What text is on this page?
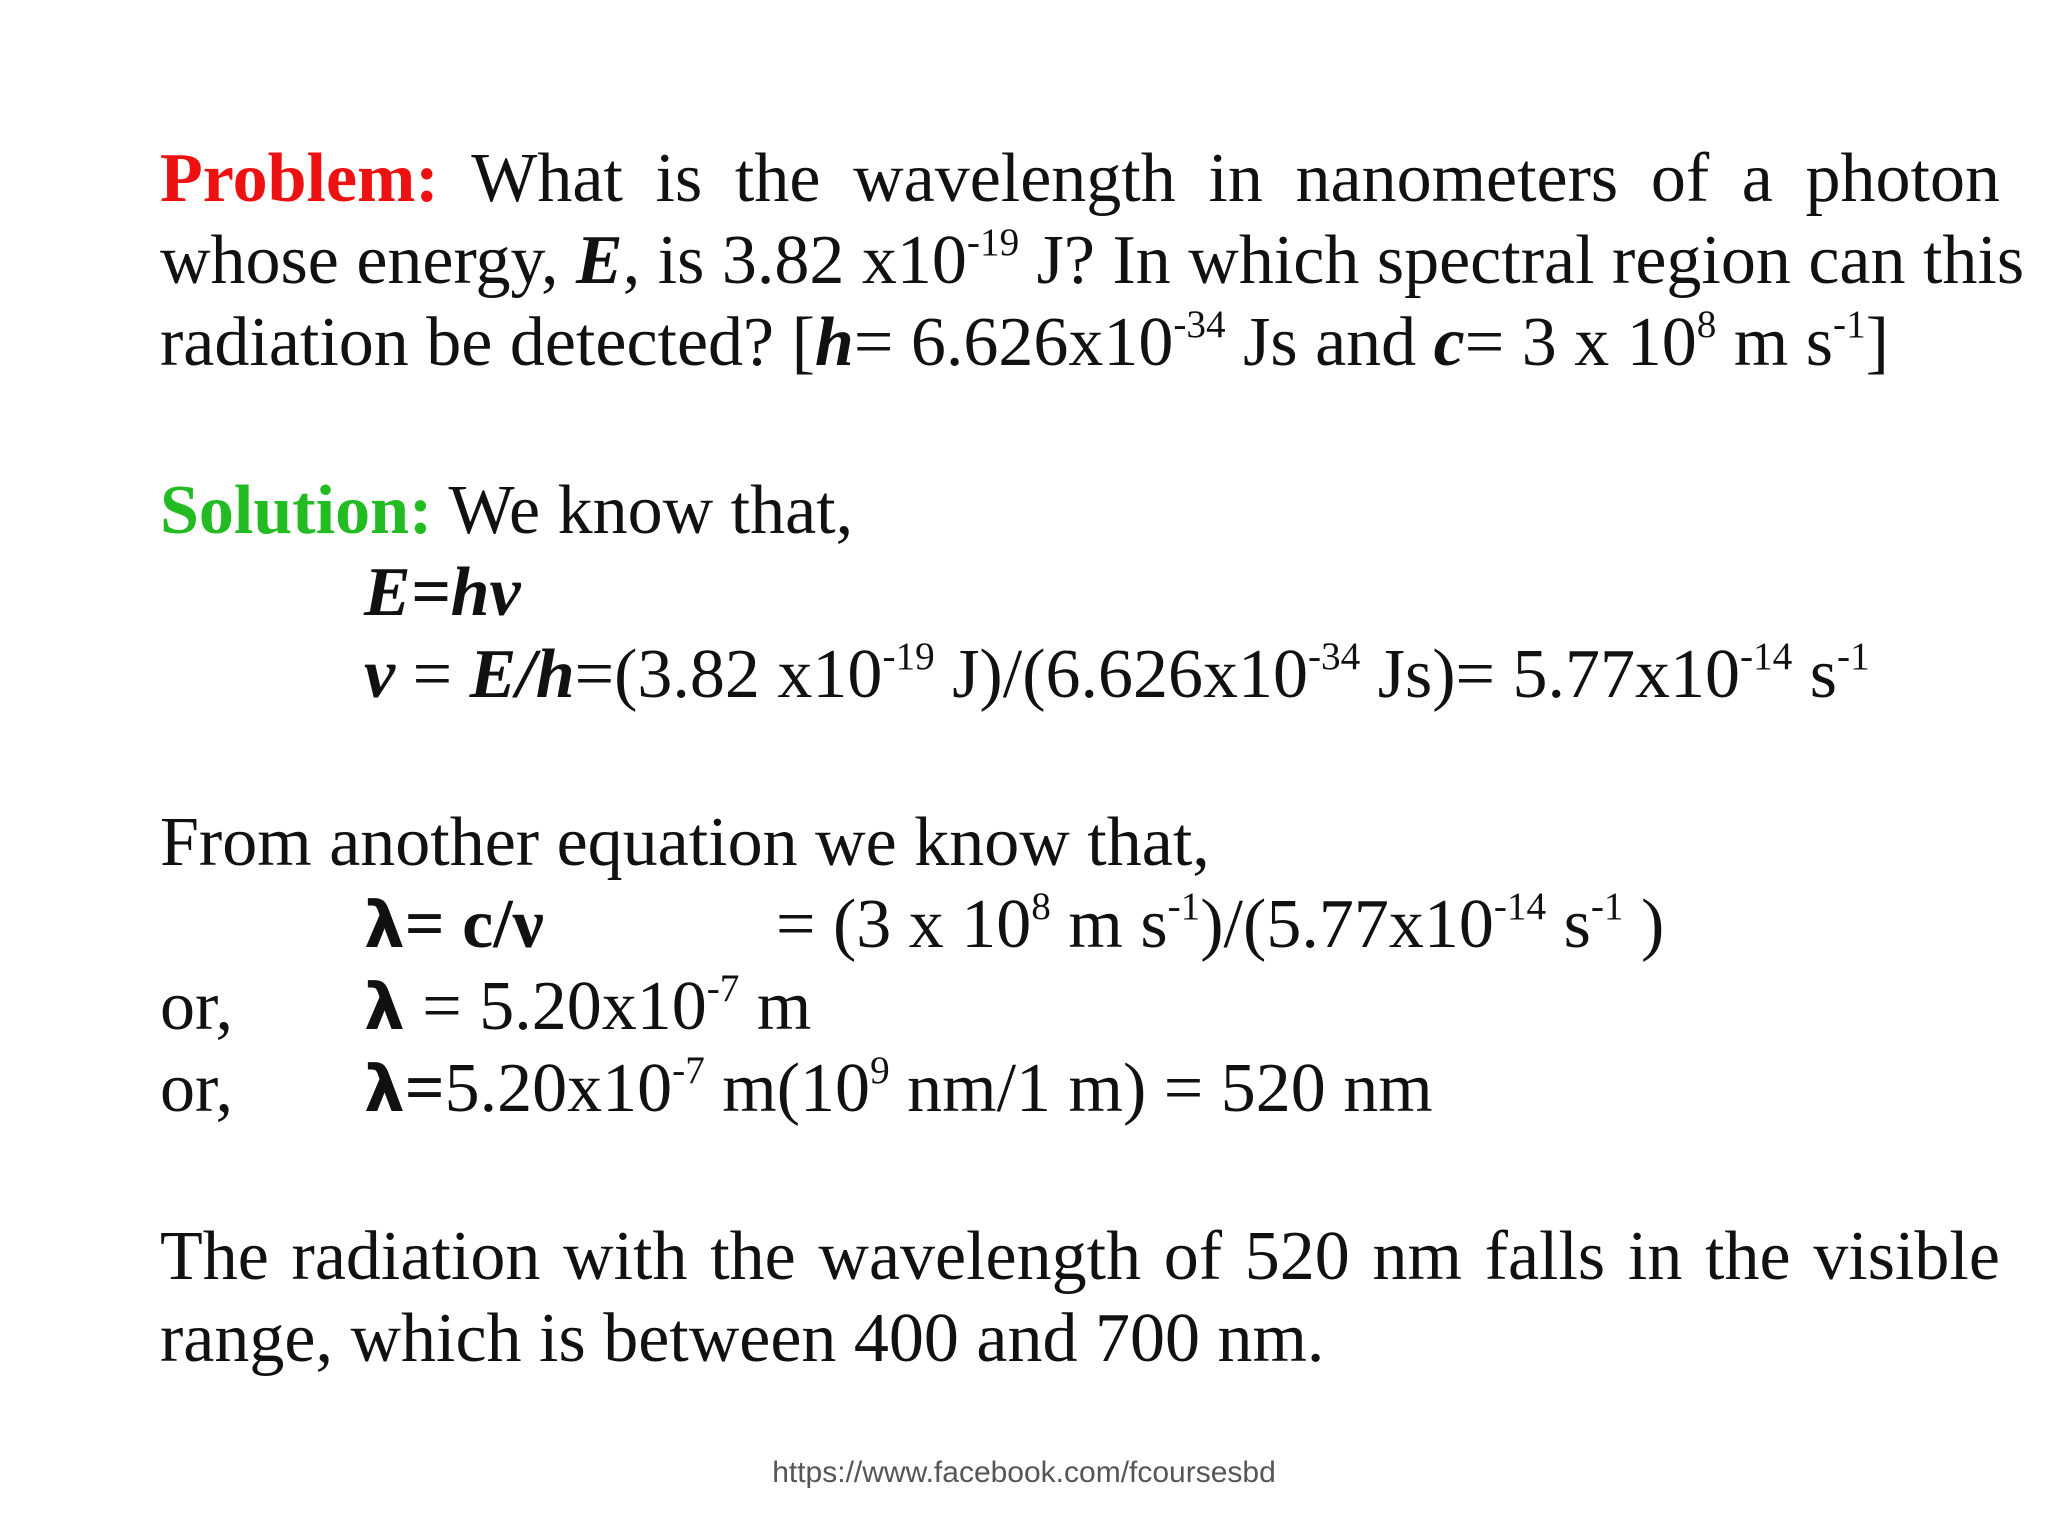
Problem: What is the wavelength in nanometers of a photon
whose energy, E, is 3.82 $x10^{-19}$ J? In which spectral region can this
radiation be detected? [$h= 6.626x10^{-34}$ Js and c= 3 x $10^8$ m $s^{-1}$]
Solution: We know that,
E=hν
ν = E/h=(3.82 $x10^{-19}$ $J)/(6.626x10^{-34}$ $Js)= 5.77x10^{-14}$ $s^{-1}$
From another equation we know that,
λ= c/ν	= (3 x $10^8$ m $s^{-1})/(5.77x10^{-14}$ $s^{-1}$ )
or, $\lambda = 5.20x10^{-7}$ m
or, $\lambda=5.20x10^{-7}$ $m(10^9$ nm/1 m) = 520 nm
The radiation with the wavelength of 520 nm falls in the visible
range, which is between 400 and 700 nm.
https://www.facebook.com/fcoursesbd
